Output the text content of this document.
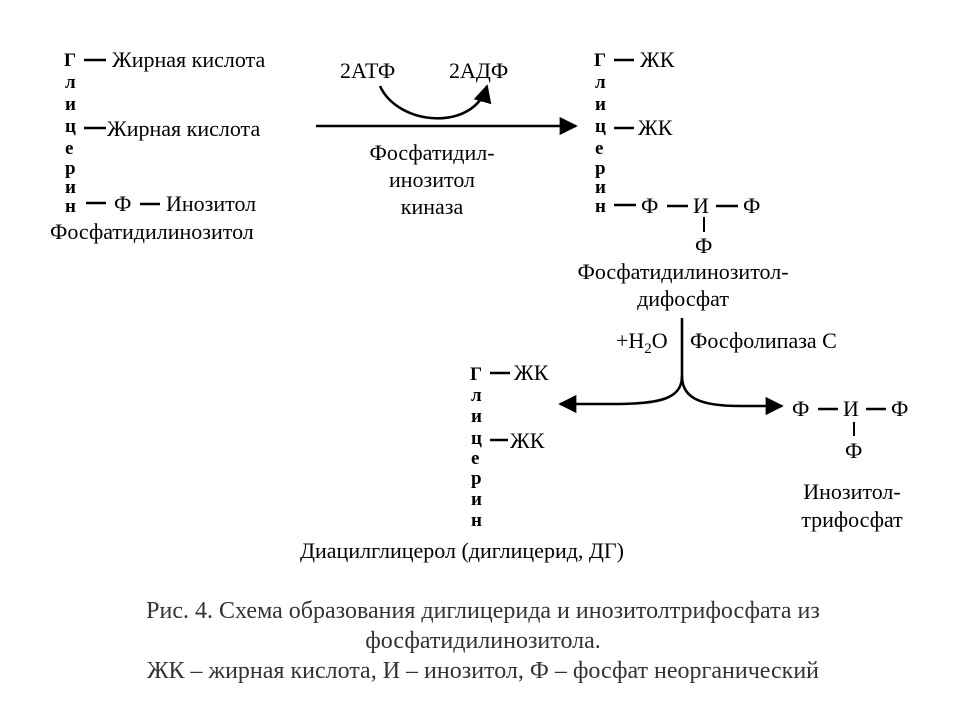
Г
л
и
ц
е
р
и
н
Жирная кислота
Жирная кислота
Ф Инозитол
Фосфатидилинозитол
2АТФ 2АДФ
Фосфатидил-
инозитол
киназа
Г
л
и
ц
е
р
и
н
ЖК
ЖК
Ф И Ф
Ф
Фосфатидилинозитол-
дифосфат
$+H_2O$ Фосфолипаза С
Г
л
и
ц
е
р
и
н
ЖК
ЖК
Диацилглицерол (диглицерид, ДГ)
Ф И Ф
Ф
Инозитол-
трифосфат
Рис. 4. Схема образования диглицерида и инозитолтрифосфата из
фосфатидилинозитола.
ЖК – жирная кислота, И – инозитол, Ф – фосфат неорганический
